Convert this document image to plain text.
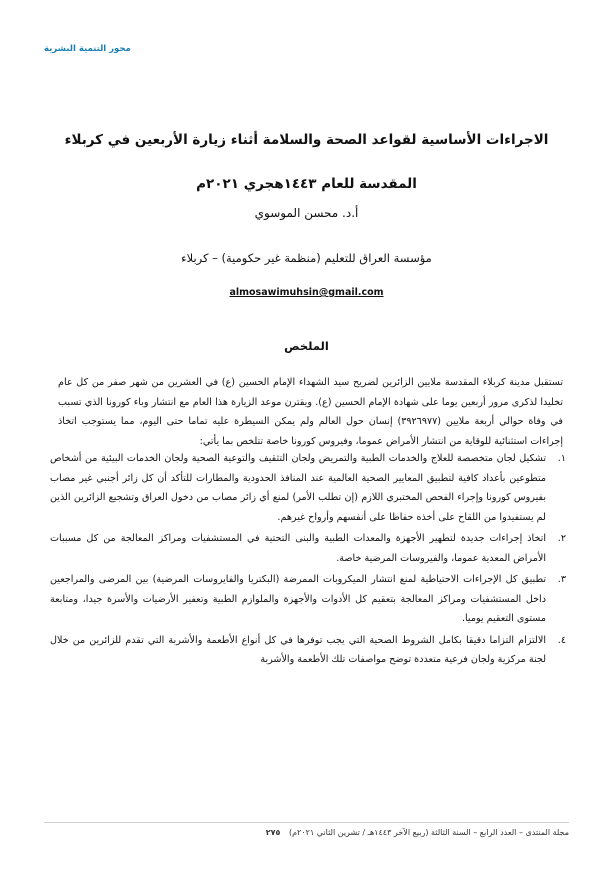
محور التنمية البشرية
الاجراءات الأساسية لقواعد الصحة والسلامة أثناء زيارة الأربعين في كربلاء
المقدسة للعام ١٤٤٣هجري ٢٠٢١م
أ.د. محسن الموسوي
مؤسسة العراق للتعليم (منظمة غير حكومية) – كربلاء
almosawimuhsin@gmail.com
الملخص

تستقبل مدينة كربلاء المقدسة ملايين الزائرين لضريح سيد الشهداء الإمام الحسين (ع) في العشرين من شهر صفر من كل عام تخليدا لذكرى مرور أربعين يوما على شهادة الإمام الحسين (ع). ويقترن موعد الزيارة هذا العام مع انتشار وباء كورونا الذي تسبب في وفاة حوالي أربعة ملايين (٣٩٢٦٩٧٧) إنسان حول العالم ولم يمكن السيطرة عليه تماما حتى اليوم، مما يستوجب اتخاذ إجراءات استثنائية للوقاية من انتشار الأمراض عموما، وفيروس كورونا خاصة تتلخص بما يأتي:

١.
تشكيل لجان متخصصة للعلاج والخدمات الطبية والتمريض ولجان التثقيف والتوعية الصحية ولجان الخدمات البيئية من أشخاص متطوعين بأعداد كافية لتطبيق المعايير الصحية العالمية عند المنافذ الحدودية والمطارات للتأكد أن كل زائر أجنبي غير مصاب بفيروس كورونا وإجراء الفحص المختبري اللازم (إن تطلب الأمر) لمنع أي زائر مصاب من دخول العراق وتشجيع الزائرين الذين لم يستفيدوا من اللقاح على أخذه حفاظا على أنفسهم وأرواح غيرهم.
٢.
اتخاذ إجراءات جديدة لتطهير الأجهزة والمعدات الطبية والبنى التحتية في المستشفيات ومراكز المعالجة من كل مسببات الأمراض المعدية عموما، والفيروسات المرضية خاصة.
٣.
تطبيق كل الإجراءات الاحتياطية لمنع انتشار الميكروبات الممرضة (البكتريا والفايروسات المرضية) بين المرضى والمراجعين داخل المستشفيات ومراكز المعالجة بتعقيم كل الأدوات والأجهزة والملوازم الطبية وتعفير الأرضيات والأسرة جيدا، ومتابعة مستوى التعقيم يوميا.
٤.
الالتزام التزاما دقيقا بكامل الشروط الصحية التي يجب توفرها في كل أنواع الأطعمة والأشربة التي تقدم للزائرين من خلال لجنة مركزية ولجان فرعية متعددة توضح مواصفات تلك الأطعمة والأشربة
مجلة المنتدى – العدد الرابع – السنة الثالثة (ربيع الآخر ١٤٤٣هـ / تشرين الثاني ٢٠٢١م) ٢٧٥
